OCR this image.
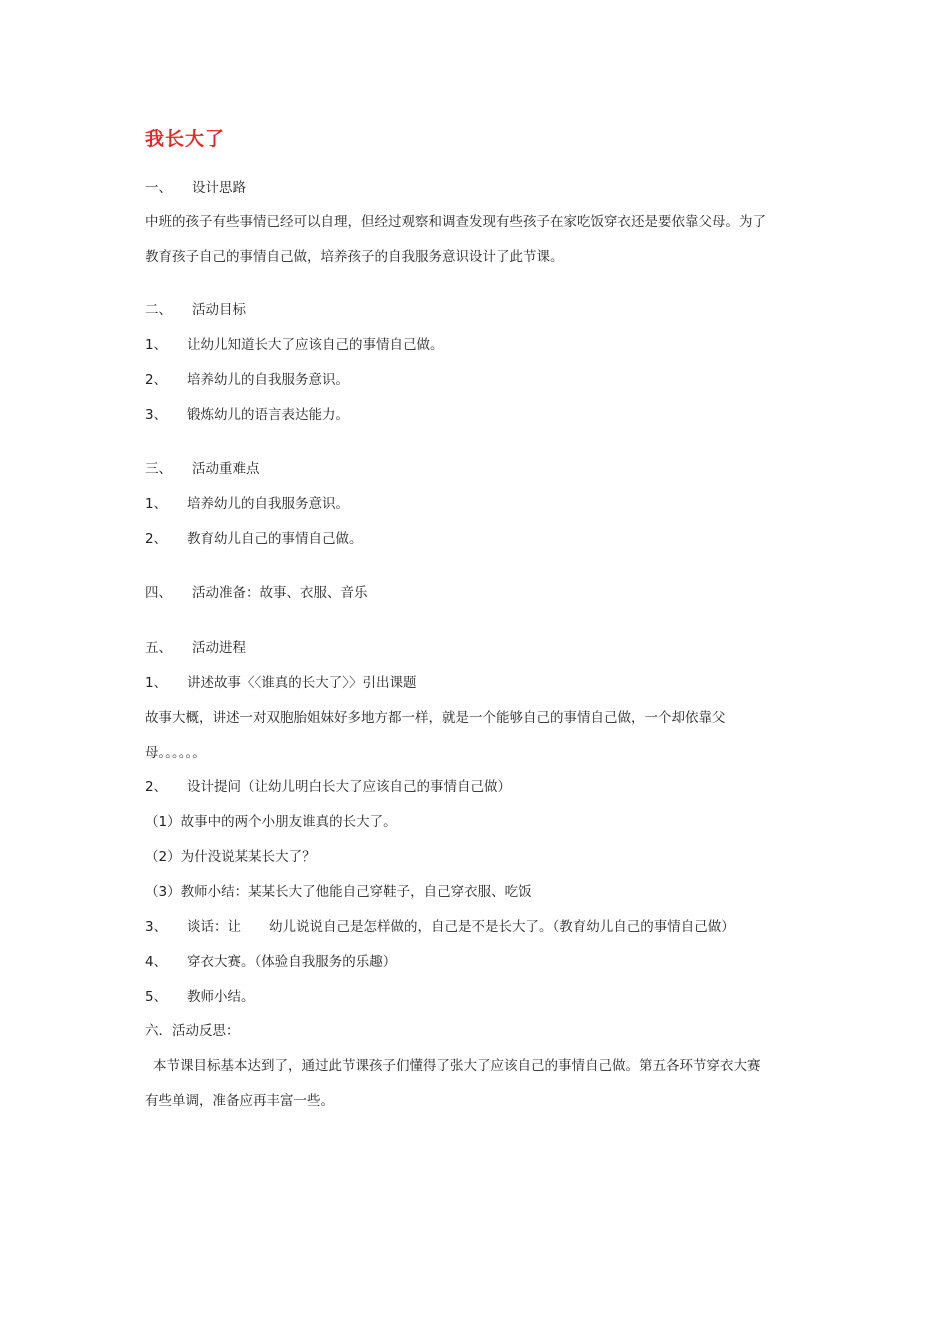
我长大了
一、 设计思路
中班的孩子有些事情已经可以自理，但经过观察和调查发现有些孩子在家吃饭穿衣还是要依靠父母。为了
教育孩子自己的事情自己做，培养孩子的自我服务意识设计了此节课。
二、 活动目标
1、 让幼儿知道长大了应该自己的事情自己做。
2、 培养幼儿的自我服务意识。
3、 锻炼幼儿的语言表达能力。
三、 活动重难点
1、 培养幼儿的自我服务意识。
2、 教育幼儿自己的事情自己做。
四、 活动准备：故事、衣服、音乐
五、 活动进程
1、 讲述故事〈〈谁真的长大了〉〉引出课题
故事大概，讲述一对双胞胎姐妹好多地方都一样，就是一个能够自己的事情自己做，一个却依靠父
母。。。。。。
2、 设计提问（让幼儿明白长大了应该自己的事情自己做）
（1）故事中的两个小朋友谁真的长大了。
（2）为什没说某某长大了？
（3）教师小结：某某长大了他能自己穿鞋子，自己穿衣服、吃饭
3、 谈话：让 幼儿说说自己是怎样做的，自己是不是长大了。（教育幼儿自己的事情自己做）
4、 穿衣大赛。（体验自我服务的乐趣）
5、 教师小结。
六．活动反思：
本节课目标基本达到了，通过此节课孩子们懂得了张大了应该自己的事情自己做。第五各环节穿衣大赛
有些单调，准备应再丰富一些。
